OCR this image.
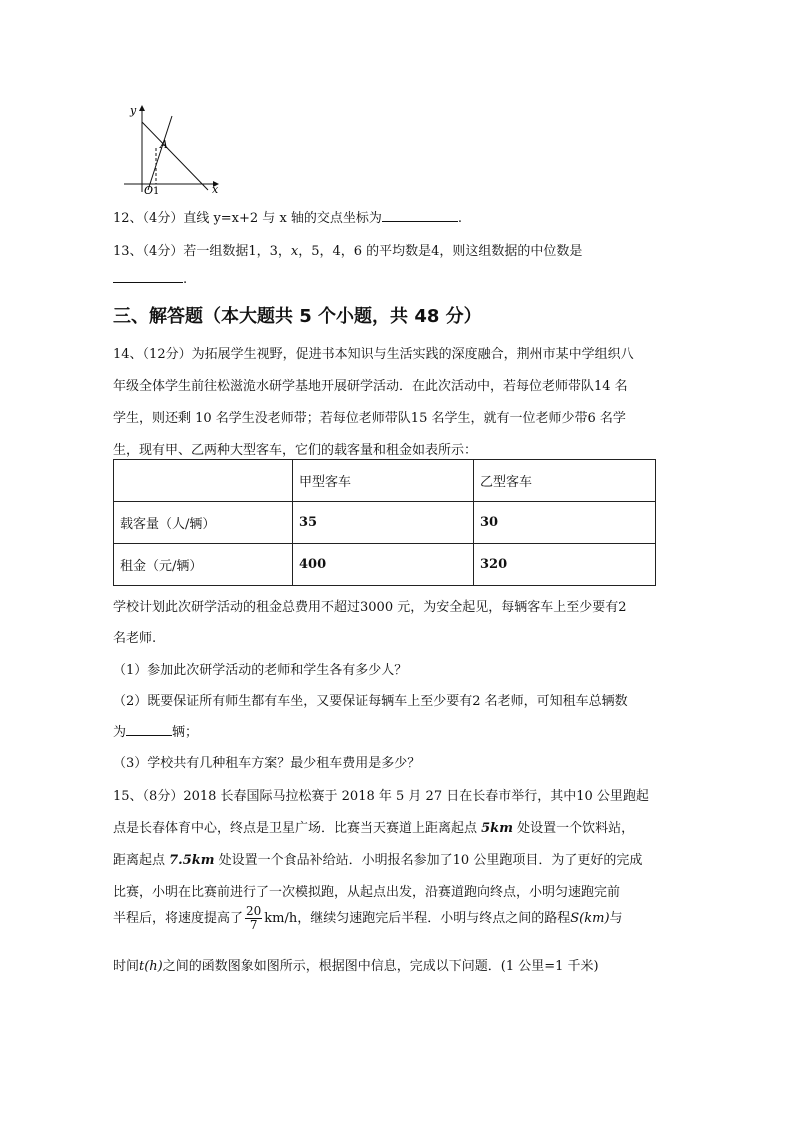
y
x
O 1
A
12、（4分）直线 y=x+2 与 x 轴的交点坐标为	.
13、（4分）若一组数据1，3，x，5，4，6 的平均数是4，则这组数据的中位数是
.
三、解答题（本大题共 5 个小题，共 48 分）
14、（12分）为拓展学生视野，促进书本知识与生活实践的深度融合，荆州市某中学组织八
年级全体学生前往松滋洈水研学基地开展研学活动．在此次活动中，若每位老师带队14 名
学生，则还剩 10 名学生没老师带；若每位老师带队15 名学生，就有一位老师少带6 名学
生，现有甲、乙两种大型客车，它们的载客量和租金如表所示：
	甲型客车	乙型客车
载客量（人/辆）	35	30
租金（元/辆）	400	320
学校计划此次研学活动的租金总费用不超过3000 元，为安全起见，每辆客车上至少要有2
名老师.
（1）参加此次研学活动的老师和学生各有多少人？
（2）既要保证所有师生都有车坐，又要保证每辆车上至少要有2 名老师，可知租车总辆数
为	辆；
（3）学校共有几种租车方案？最少租车费用是多少？
15、（8分）2018 长春国际马拉松赛于 2018 年 5 月 27 日在长春市举行，其中10 公里跑起
点是长春体育中心，终点是卫星广场．比赛当天赛道上距离起点 5km 处设置一个饮料站，
距离起点 7.5km 处设置一个食品补给站．小明报名参加了10 公里跑项目．为了更好的完成
比赛，小明在比赛前进行了一次模拟跑，从起点出发，沿赛道跑向终点，小明匀速跑完前
半程后，将速度提高了 $\frac{20}{7} km/h$，继续匀速跑完后半程．小明与终点之间的路程S(km)与
时间t(h)之间的函数图象如图所示，根据图中信息，完成以下问题．(1 公里=1 千米)
